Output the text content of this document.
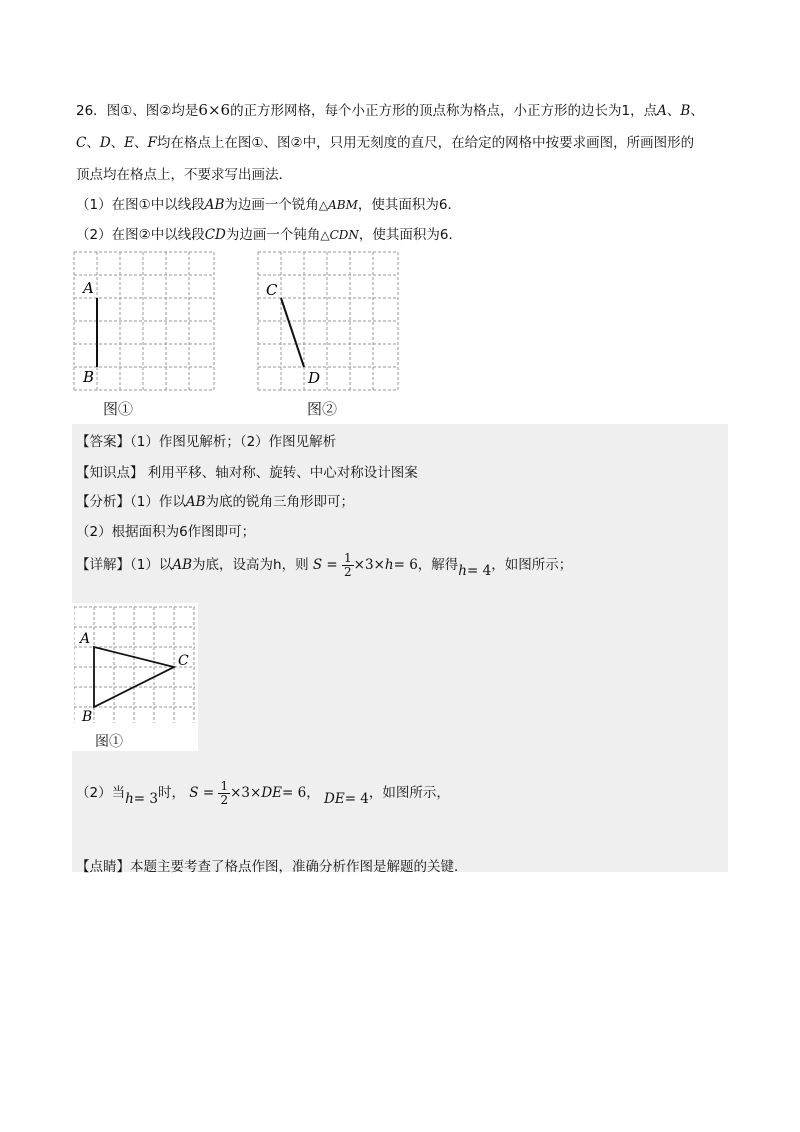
26．图①、图②均是6×6的正方形网格，每个小正方形的顶点称为格点，小正方形的边长为1，点A、B、
C、D、E、F均在格点上在图①、图②中，只用无刻度的直尺，在给定的网格中按要求画图，所画图形的
顶点均在格点上，不要求写出画法．
（1）在图①中以线段AB为边画一个锐角△ABM，使其面积为6．
（2）在图②中以线段CD为边画一个钝角△CDN，使其面积为6．
A
B
图①
C
D
图②
【答案】（1）作图见解析；（2）作图见解析
【知识点】 利用平移、轴对称、旋转、中心对称设计图案
【分析】（1）作以AB为底的锐角三角形即可；
（2）根据面积为6作图即可；
【详解】（1）以AB为底，设高为h，则 $S = \frac{1}{2} \times 3\times h= 6$，解得h= 4，如图所示；
A
B
C
图①
（2）当h= 3时， $S = \frac{1}{2} \times 3\times DE= 6$， DE= 4，如图所示，
【点睛】本题主要考查了格点作图，准确分析作图是解题的关键．
